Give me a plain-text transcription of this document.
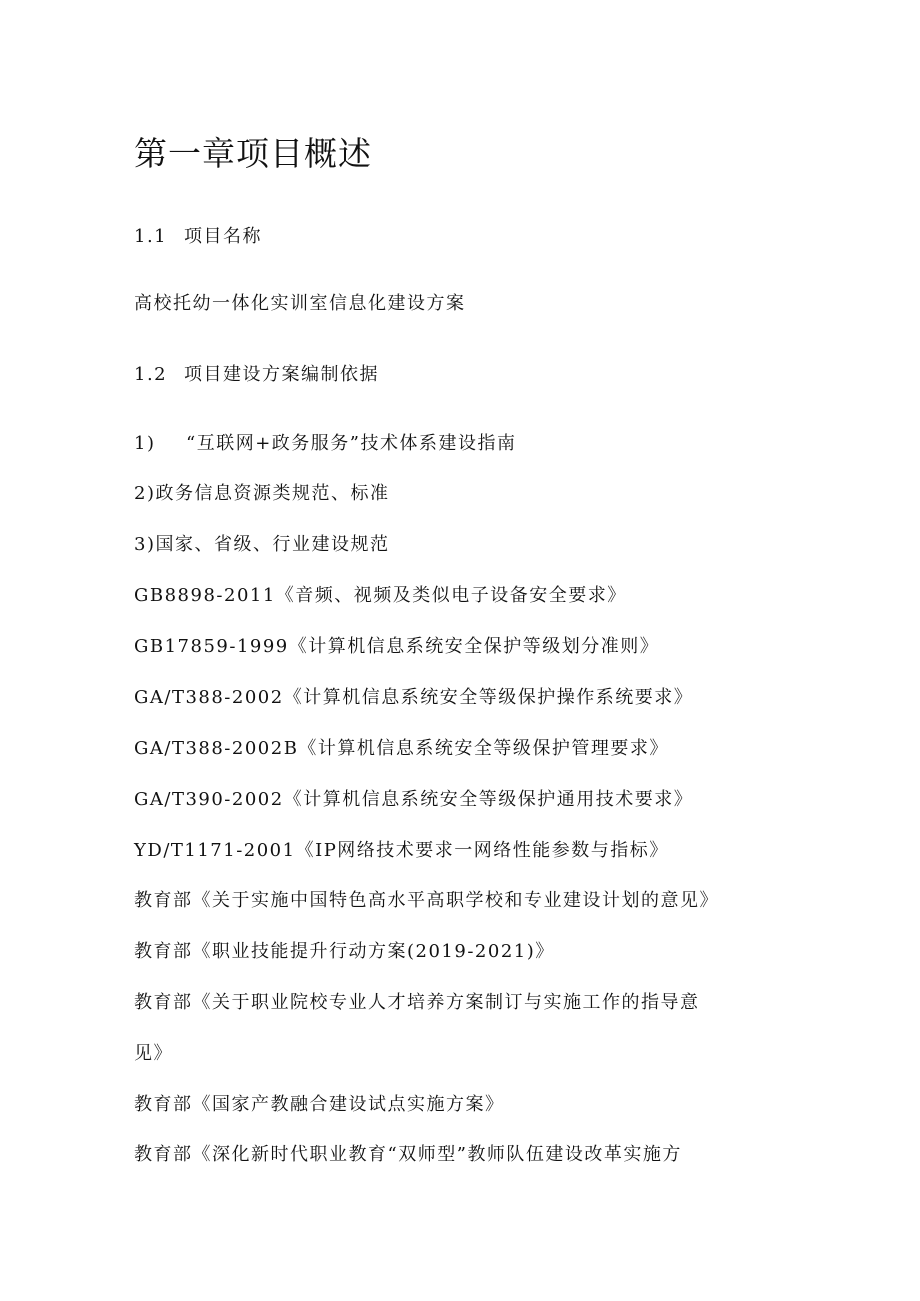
第一章项目概述

1.1 项目名称

高校托幼一体化实训室信息化建设方案

1.2 项目建设方案编制依据

1) “互联网+政务服务”技术体系建设指南

2)政务信息资源类规范、标准

3)国家、省级、行业建设规范

GB8898-2011《音频、视频及类似电子设备安全要求》

GB17859-1999《计算机信息系统安全保护等级划分准则》

GA/T388-2002《计算机信息系统安全等级保护操作系统要求》

GA/T388-2002B《计算机信息系统安全等级保护管理要求》

GA/T390-2002《计算机信息系统安全等级保护通用技术要求》

YD/T1171-2001《IP网络技术要求一网络性能参数与指标》

教育部《关于实施中国特色高水平高职学校和专业建设计划的意见》

教育部《职业技能提升行动方案(2019-2021)》

教育部《关于职业院校专业人才培养方案制订与实施工作的指导意

见》

教育部《国家产教融合建设试点实施方案》

教育部《深化新时代职业教育“双师型”教师队伍建设改革实施方
